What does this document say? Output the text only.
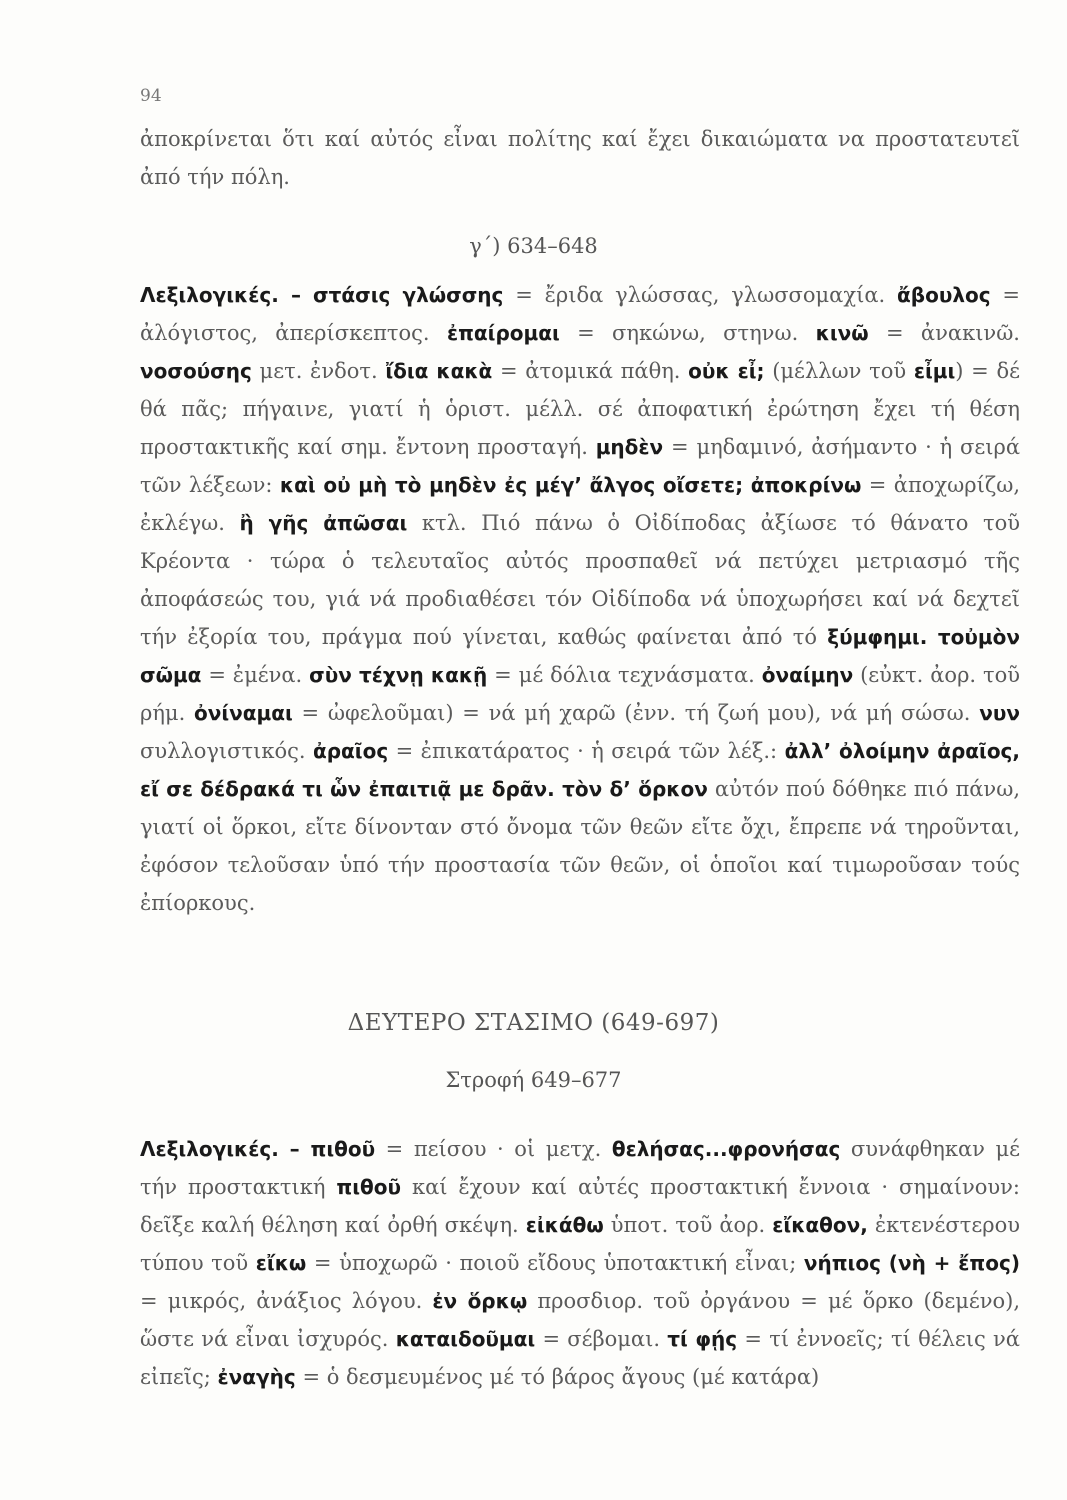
94
ἀποκρίνεται ὅτι καί αὐτός εἶναι πολίτης καί ἔχει δικαιώματα να προστατευτεῖ ἀπό τήν πόλη.
γ΄) 634–648
Λεξιλογικές. – στάσις γλώσσης = ἔριδα γλώσσας, γλωσσομαχία. ἄβουλος = ἀλόγιστος, ἀπερίσκεπτος. ἐπαίρομαι = σηκώνω, στηνω. κινῶ = ἀνακινῶ. νοσούσης μετ. ἐνδοτ. ἴδια κακὰ = ἀτομικά πάθη. οὐκ εἶ; (μέλλων τοῦ εἶμι) = δέ θά πᾶς; πήγαινε, γιατί ἡ ὁριστ. μέλλ. σέ ἀποφατική ἐρώτηση ἔχει τή θέση προστακτικῆς καί σημ. ἔντονη προσταγή. μηδὲν = μηδαμινό, ἀσήμαντο · ἡ σειρά τῶν λέξεων: καὶ οὐ μὴ τὸ μηδὲν ἐς μέγ’ ἄλγος οἴσετε; ἀποκρίνω = ἀποχωρίζω, ἐκλέγω. ἢ γῆς ἀπῶσαι κτλ. Πιό πάνω ὁ Οἰδίποδας ἀξίωσε τό θάνατο τοῦ Κρέοντα · τώρα ὁ τελευταῖος αὐτός προσπαθεῖ νά πετύχει μετριασμό τῆς ἀποφάσεώς του, γιά νά προδιαθέσει τόν Οἰδίποδα νά ὑποχωρήσει καί νά δεχτεῖ τήν ἐξορία του, πράγμα πού γίνεται, καθώς φαίνεται ἀπό τό ξύμφημι. τοὐμὸν σῶμα = ἐμένα. σὺν τέχνῃ κακῇ = μέ δόλια τεχνάσματα. ὀναίμην (εὐκτ. ἀορ. τοῦ ρήμ. ὀνίναμαι = ὠφελοῦμαι) = νά μή χαρῶ (ἐνν. τή ζωή μου), νά μή σώσω. νυν συλλογιστικός. ἀραῖος = ἐπικατάρατος · ἡ σειρά τῶν λέξ.: ἀλλ’ ὀλοίμην ἀραῖος, εἴ σε δέδρακά τι ὧν ἐπαιτιᾷ με δρᾶν. τὸν δ’ ὅρκον αὐτόν πού δόθηκε πιό πάνω, γιατί οἱ ὅρκοι, εἴτε δίνονταν στό ὄνομα τῶν θεῶν εἴτε ὄχι, ἔπρεπε νά τηροῦνται, ἐφόσον τελοῦσαν ὑπό τήν προστασία τῶν θεῶν, οἱ ὁποῖοι καί τιμωροῦσαν τούς ἐπίορκους.
ΔΕΥΤΕΡΟ ΣΤΑΣΙΜΟ (649-697)
Στροφή 649–677
Λεξιλογικές. – πιθοῦ = πείσου · οἱ μετχ. θελήσας...φρονήσας συνάφθηκαν μέ τήν προστακτική πιθοῦ καί ἔχουν καί αὐτές προστακτική ἔννοια · σημαίνουν: δεῖξε καλή θέληση καί ὀρθή σκέψη. εἰκάθω ὑποτ. τοῦ ἀορ. εἴκαθον, ἐκτενέστερου τύπου τοῦ εἴκω = ὑποχωρῶ · ποιοῦ εἴδους ὑποτακτική εἶναι; νήπιος (νὴ + ἔπος) = μικρός, ἀνάξιος λόγου. ἐν ὅρκῳ προσδιορ. τοῦ ὀργάνου = μέ ὅρκο (δεμένο), ὥστε νά εἶναι ἰσχυρός. καταιδοῦμαι = σέβομαι. τί φῄς = τί ἐννοεῖς; τί θέλεις νά εἰπεῖς; ἐναγὴς = ὁ δεσμευμένος μέ τό βάρος ἄγους (μέ κατάρα)
